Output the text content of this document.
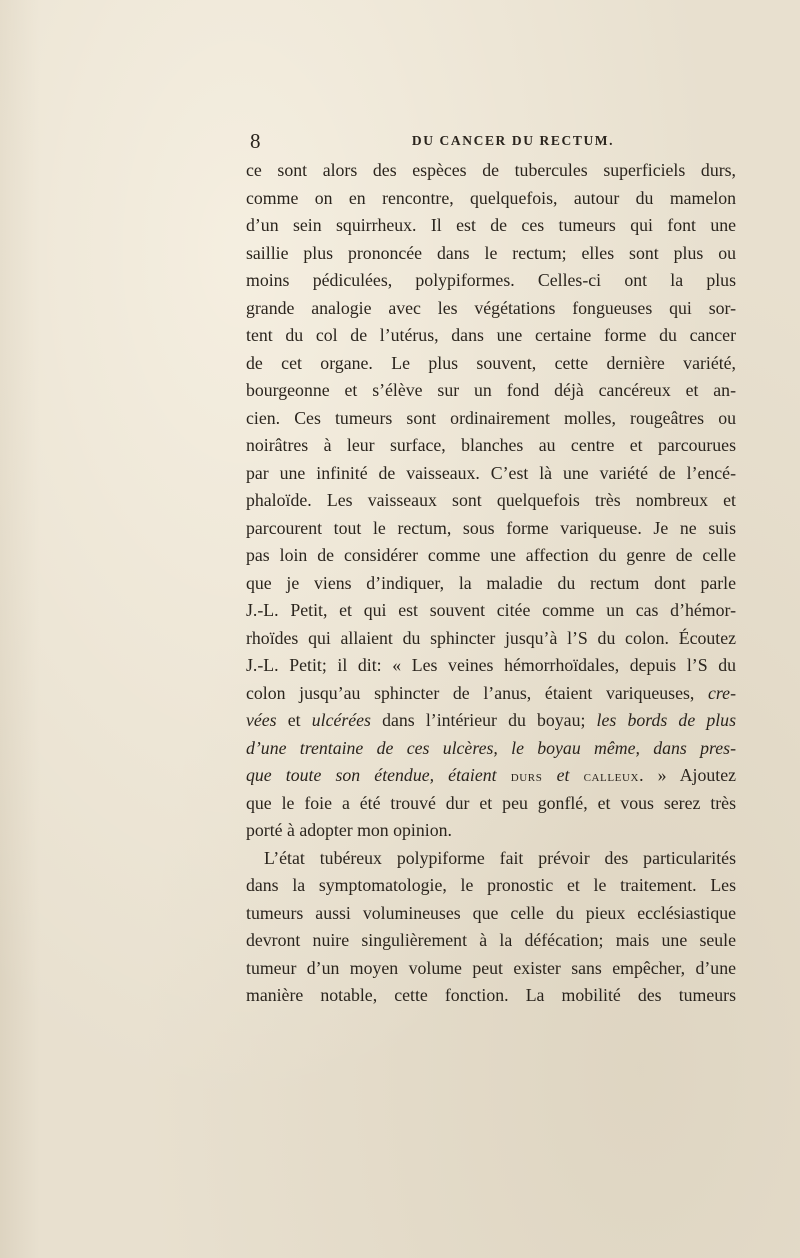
8	DU CANCER DU RECTUM.
ce sont alors des espèces de tubercules superficiels durs,
comme on en rencontre, quelquefois, autour du mamelon
d’un sein squirrheux. Il est de ces tumeurs qui font une
saillie plus prononcée dans le rectum; elles sont plus ou
moins pédiculées, polypiformes. Celles-ci ont la plus
grande analogie avec les végétations fongueuses qui sor-
tent du col de l’utérus, dans une certaine forme du cancer
de cet organe. Le plus souvent, cette dernière variété,
bourgeonne et s’élève sur un fond déjà cancéreux et an-
cien. Ces tumeurs sont ordinairement molles, rougeâtres ou
noirâtres à leur surface, blanches au centre et parcourues
par une infinité de vaisseaux. C’est là une variété de l’encé-
phaloïde. Les vaisseaux sont quelquefois très nombreux et
parcourent tout le rectum, sous forme variqueuse. Je ne suis
pas loin de considérer comme une affection du genre de celle
que je viens d’indiquer, la maladie du rectum dont parle
J.-L. Petit, et qui est souvent citée comme un cas d’hémor-
rhoïdes qui allaient du sphincter jusqu’à l’S du colon. Écoutez
J.-L. Petit; il dit: « Les veines hémorrhoïdales, depuis l’S du
colon jusqu’au sphincter de l’anus, étaient variqueuses, cre-
vées et ulcérées dans l’intérieur du boyau; les bords de plus
d’une trentaine de ces ulcères, le boyau même, dans pres-
que toute son étendue, étaient durs et calleux. » Ajoutez
que le foie a été trouvé dur et peu gonflé, et vous serez très
porté à adopter mon opinion.
L’état tubéreux polypiforme fait prévoir des particularités
dans la symptomatologie, le pronostic et le traitement. Les
tumeurs aussi volumineuses que celle du pieux ecclésiastique
devront nuire singulièrement à la défécation; mais une seule
tumeur d’un moyen volume peut exister sans empêcher, d’une
manière notable, cette fonction. La mobilité des tumeurs
